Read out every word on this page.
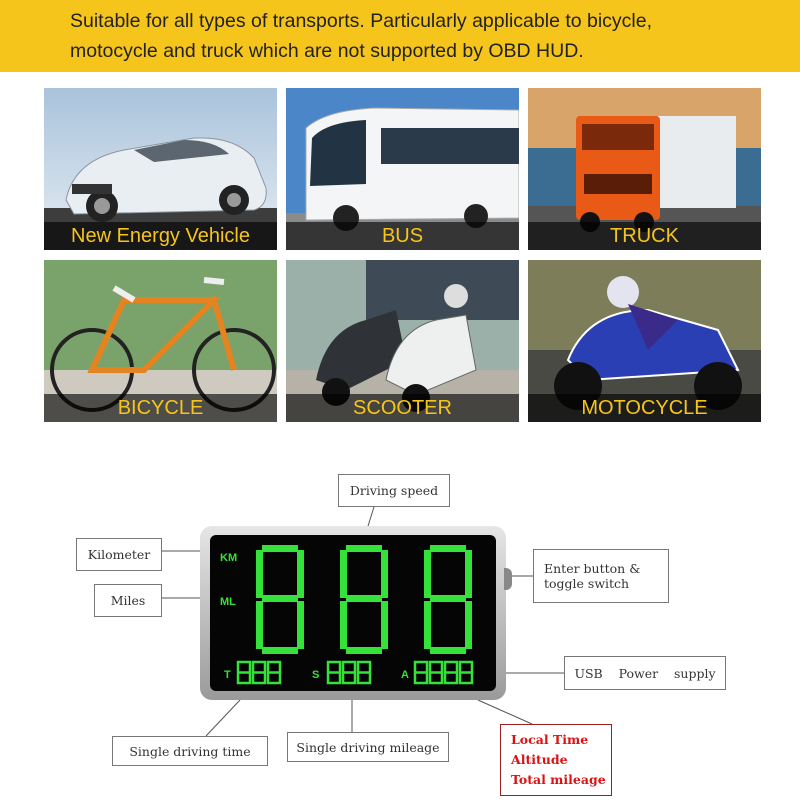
Suitable for all types of transports. Particularly applicable to bicycle,

motocycle and truck which are not supported by OBD HUD.

New Energy Vehicle	BUS	TRUCK
BICYCLE	SCOOTER	MOTOCYCLE
KM
ML
T	S	A
Driving speed
Kilometer
Miles
Enter button &
toggle switch
USB    Power    supply
Single driving time	Single driving mileage	Local Time
Altitude
Total mileage
